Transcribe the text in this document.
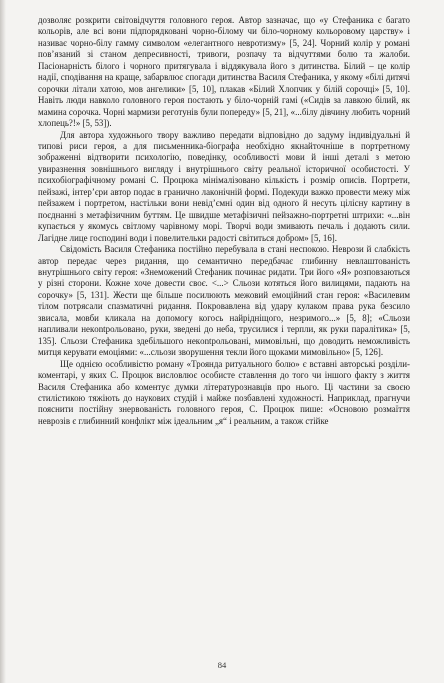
дозволяє розкрити світовідчуття головного героя. Автор зазначає, що «у Стефаника є багато кольорів, але всі вони підпорядковані чорно-білому чи біло-чорному кольоровому царству» і називає чорно-білу гамму символом «елегантного невротизму» [5, 24]. Чорний колір у романі пов’язаний зі станом депресивності, тривоги, розпачу та відчуттями болю та жалоби. Пасіонарність білого і чорного притягувала і віддякувала його з дитинства. Білий – це колір надії, сподівання на краще, забарвлює спогади дитинства Василя Стефаника, у якому «білі дитячі сорочки літали хатою, мов ангелики» [5, 10], плакав «Білий Хлопчик у білій сорочці» [5, 10]. Навіть люди навколо головного героя постають у біло-чорній гамі («Сидів за лавкою білий, як мамина сорочка. Чорні мармизи реготунів були попереду» [5, 21], «...білу дівчину любить чорний хлопець?!» [5, 53]).

Для автора художнього твору важливо передати відповідно до задуму індивідуальні й типові риси героя, а для письменника-біографа необхідно якнайточніше в портретному зображенні відтворити психологію, поведінку, особливості мови й інші деталі з метою увиразнення зовнішнього вигляду і внутрішнього світу реальної історичної особистості. У психобіографічному романі С. Процюка мінімалізовано кількість і розмір описів. Портрети, пейзажі, інтер’єри автор подає в гранично лаконічній формі. Подекуди важко провести межу між пейзажем і портретом, настільки вони невід’ємні один від одного й несуть цілісну картину в поєднанні з метафізичним буттям. Це швидше метафізичні пейзажно-портретні штрихи: «...він купається у якомусь світлому чарівному морі. Творчі води змивають печаль і додають сили. Лагідне лице господині води і повелительки радості світиться добром» [5, 16].

Свідомість Василя Стефаника постійно перебувала в стані неспокою. Неврози й слабкість автор передає через ридання, що семантично передбачає глибинну невлаштованість внутрішнього світу героя: «Знеможений Стефаник починає ридати. Три його «Я» розповзаються у різні сторони. Кожне хоче довести своє. <...> Сльози котяться його вилицями, падають на сорочку» [5, 131]. Жести ще більше посилюють межовий емоційний стан героя: «Василевим тілом потрясали спазматичні ридання. Покровавлена від удару кулаком права рука безсило звисала, мовби кликала на допомогу когось найрідніщого, незримого...» [5, 8]; «Сльози напливали некontрольовано, руки, зведені до неба, трусилися і терпли, як руки паралітика» [5, 135]. Сльози Стефаника здебільшого некontрольовані, мимовільні, що доводить неможливість митця керувати емоціями: «...сльози зворушення текли його щоками мимовільно» [5, 126].

Ще однією особливістю роману «Троянда ритуального болю» є вставні авторські розділи-коментарі, у яких С. Процюк висловлює особисте ставлення до того чи іншого факту з життя Василя Стефаника або коментує думки літературознавців про нього. Ці частини за своєю стилістикою тяжіють до наукових студій і майже позбавлені художності. Наприклад, прагнучи пояснити постійну знервованість головного героя, С. Процюк пише: «Основою розмаїття неврозів є глибинний конфлікт між ідеальним „я“ і реальним, а також стійке

84
